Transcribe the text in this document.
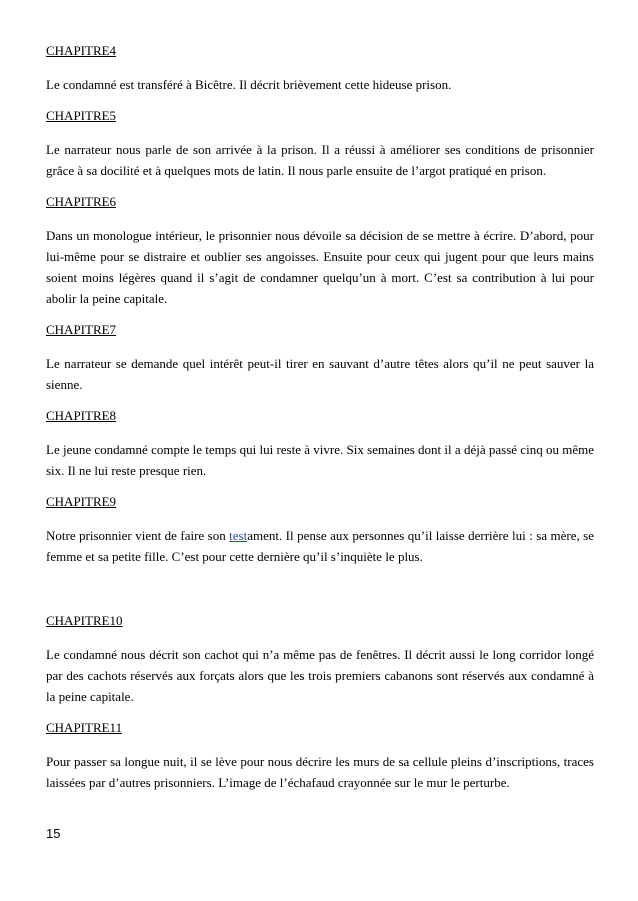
CHAPITRE4

Le condamné est transféré à Bicêtre. Il décrit brièvement cette hideuse prison.

CHAPITRE5

Le narrateur nous parle de son arrivée à la prison. Il a réussi à améliorer ses conditions de prisonnier grâce à sa docilité et à quelques mots de latin. Il nous parle ensuite de l’argot pratiqué en prison.

CHAPITRE6

Dans un monologue intérieur, le prisonnier nous dévoile sa décision de se mettre à écrire. D’abord, pour lui-même pour se distraire et oublier ses angoisses. Ensuite pour ceux qui jugent pour que leurs mains soient moins légères quand il s’agit de condamner quelqu’un à mort. C’est sa contribution à lui pour abolir la peine capitale.

CHAPITRE7

Le narrateur se demande quel intérêt peut-il tirer en sauvant d’autre têtes alors qu’il ne peut sauver la sienne.

CHAPITRE8

Le jeune condamné compte le temps qui lui reste à vivre. Six semaines dont il a déjà passé cinq ou même six. Il ne lui reste presque rien.

CHAPITRE9

Notre prisonnier vient de faire son testament. Il pense aux personnes qu’il laisse derrière lui : sa mère, se femme et sa petite fille. C’est pour cette dernière qu’il s’inquiète le plus.

CHAPITRE10

Le condamné nous décrit son cachot qui n’a même pas de fenêtres. Il décrit aussi le long corridor longé par des cachots réservés aux forçats alors que les trois premiers cabanons sont réservés aux condamné à la peine capitale.

CHAPITRE11

Pour passer sa longue nuit, il se lève pour nous décrire les murs de sa cellule pleins d’inscriptions, traces laissées par d’autres prisonniers. L’image de l’échafaud crayonnée sur le mur le perturbe.

15
